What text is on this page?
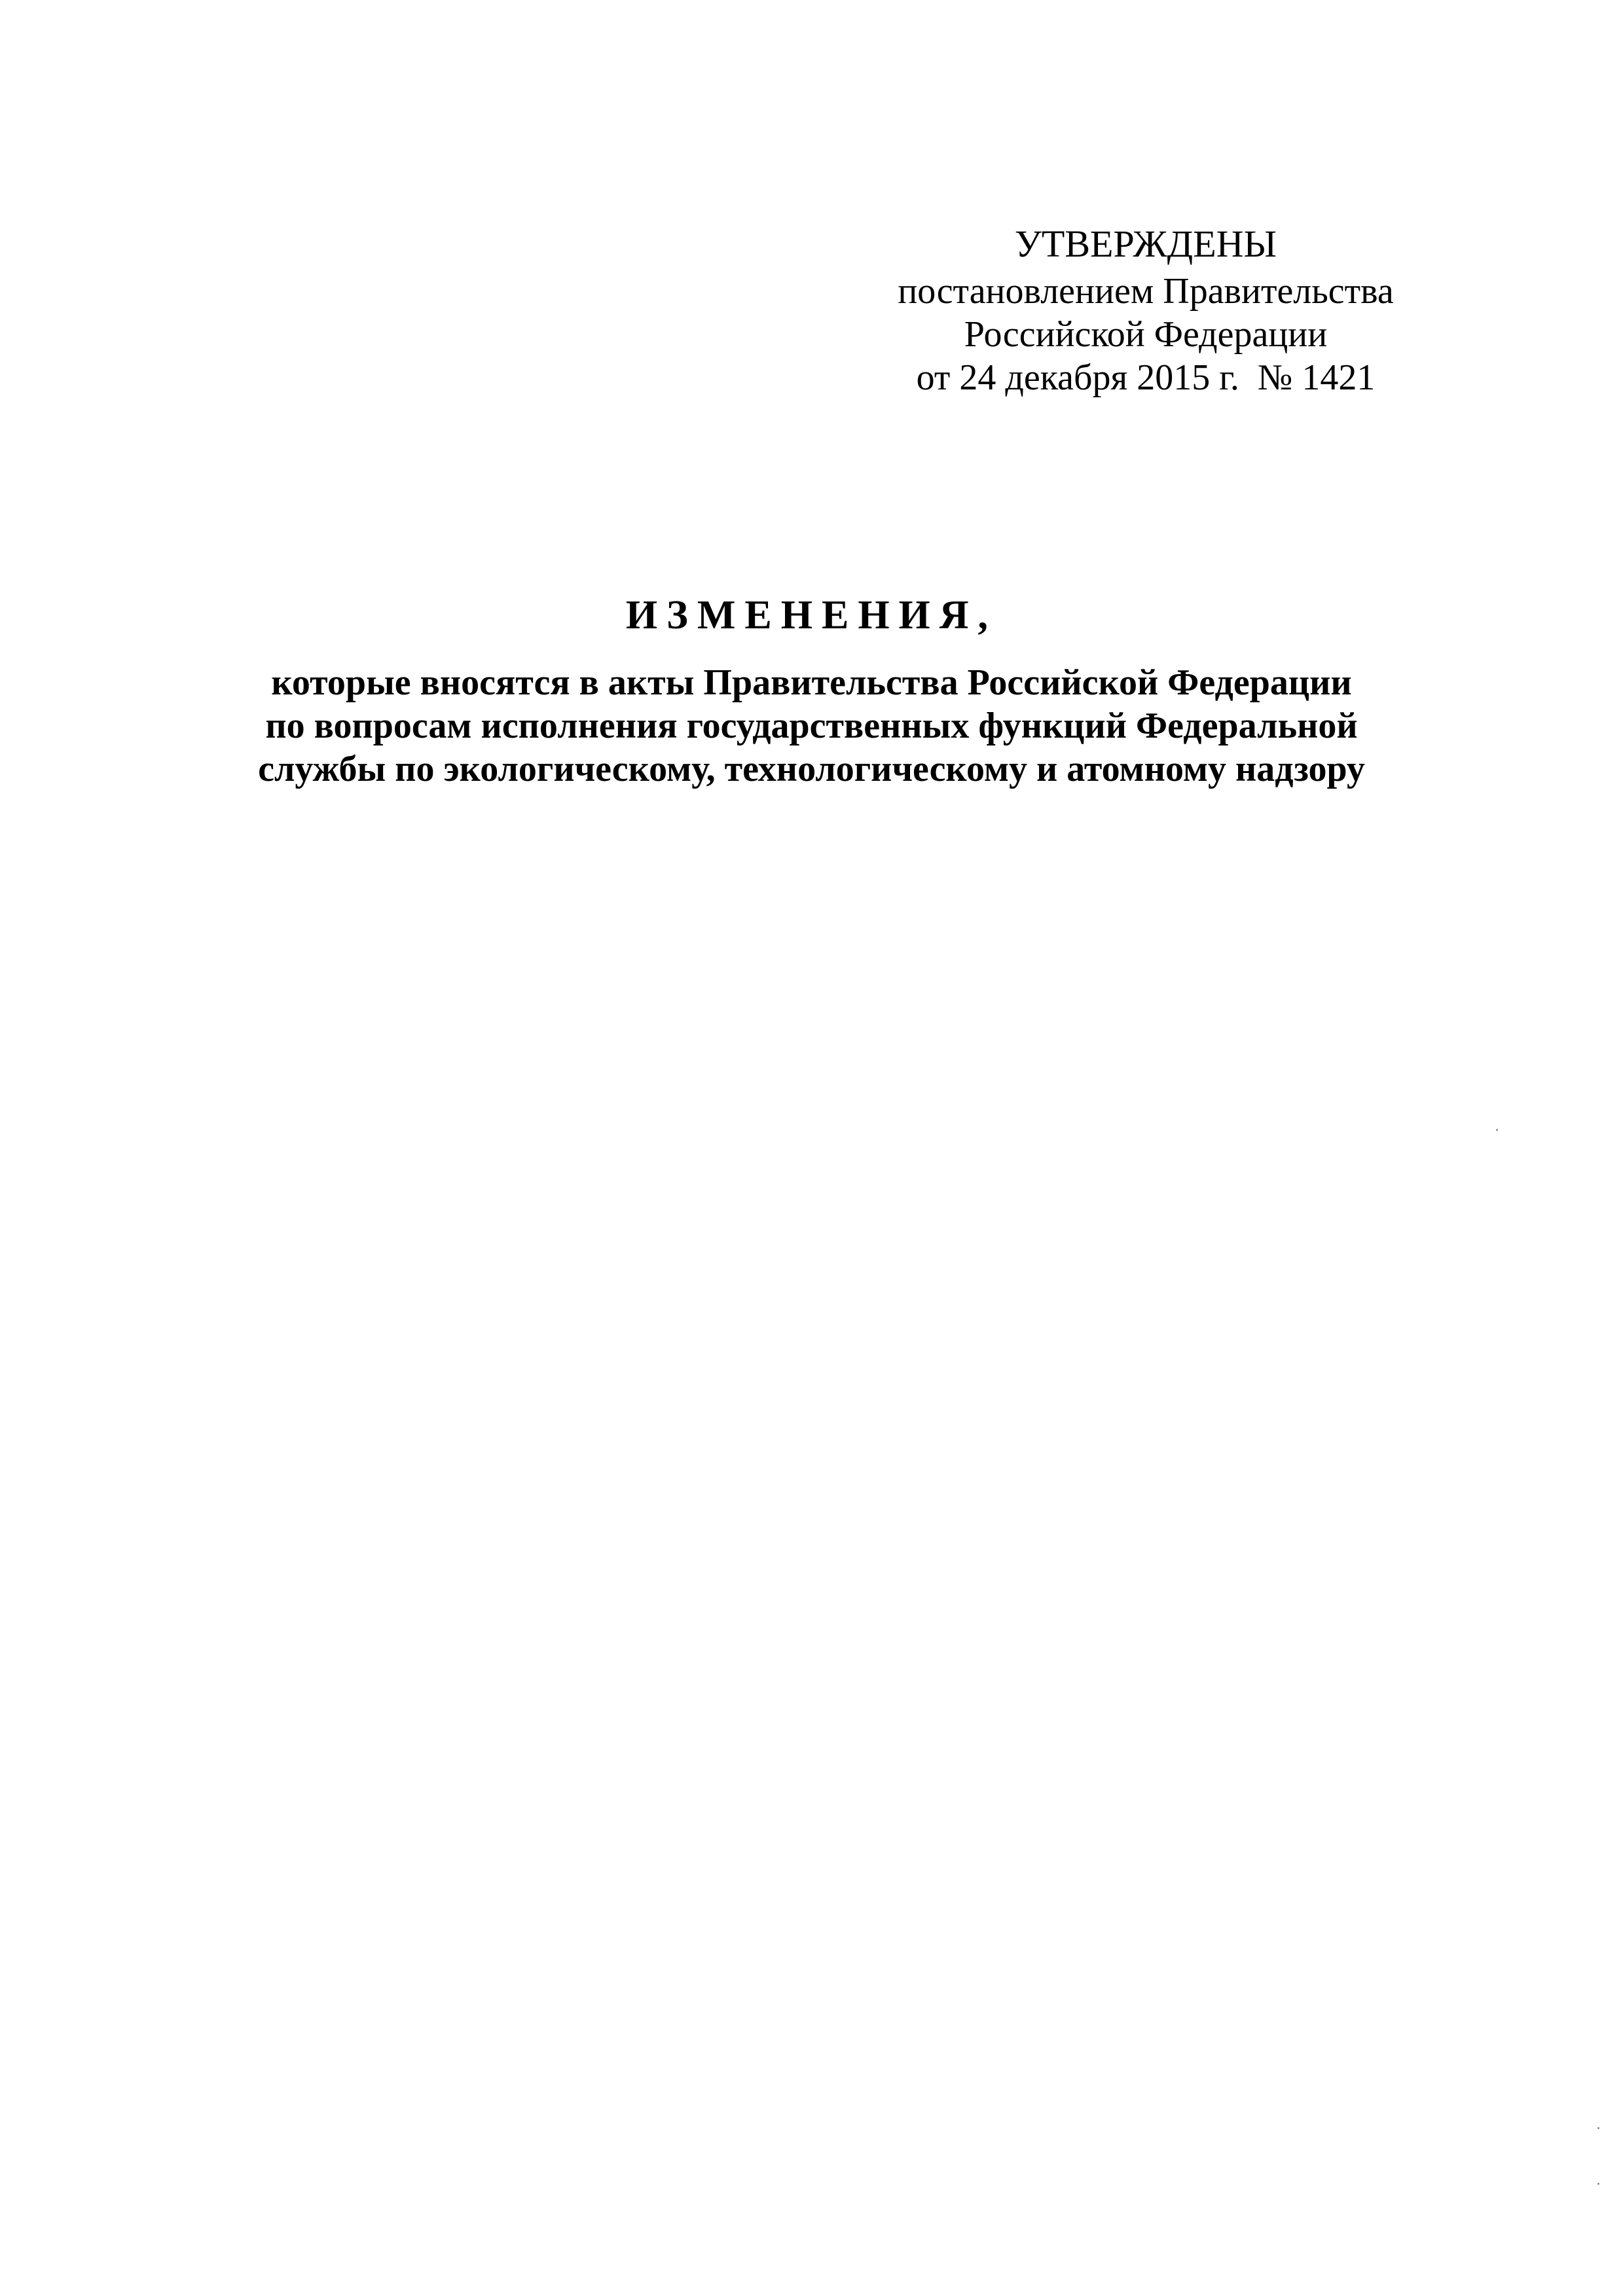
УТВЕРЖДЕНЫ
постановлением Правительства
Российской Федерации
от 24 декабря 2015 г. № 1421
ИЗМЕНЕНИЯ,
которые вносятся в акты Правительства Российской Федерации
по вопросам исполнения государственных функций Федеральной
службы по экологическому, технологическому и атомному надзору
